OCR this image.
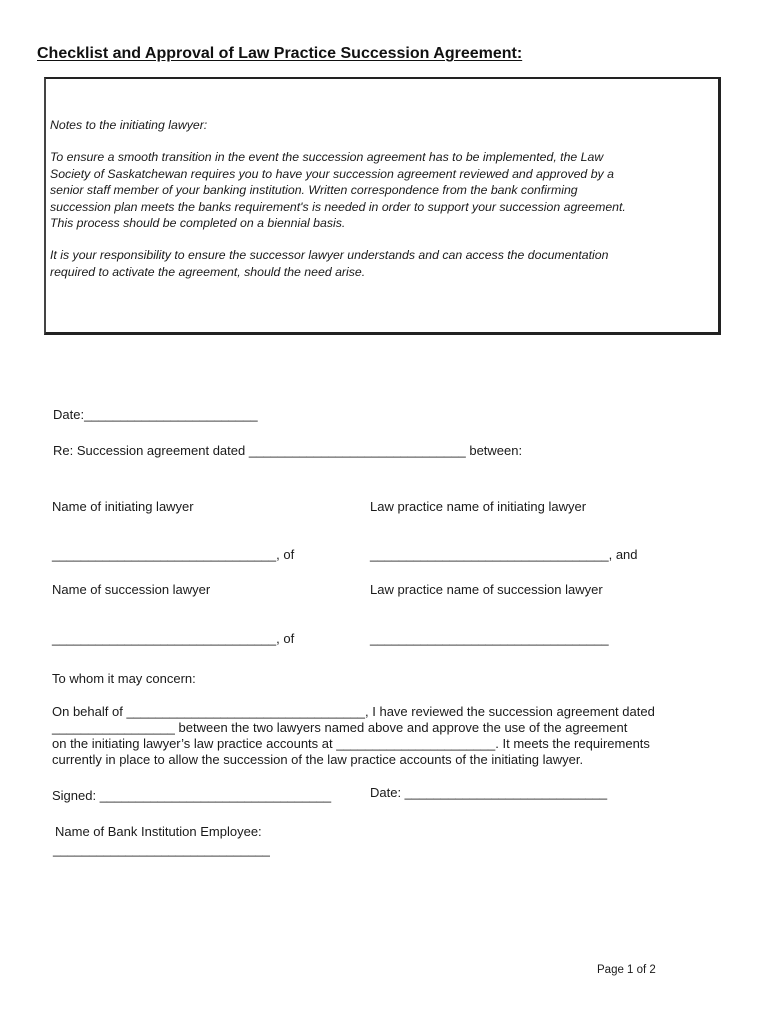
Checklist and Approval of Law Practice Succession Agreement:
Notes to the initiating lawyer:
To ensure a smooth transition in the event the succession agreement has to be implemented, the Law
Society of Saskatchewan requires you to have your succession agreement reviewed and approved by a
senior staff member of your banking institution. Written correspondence from the bank confirming
succession plan meets the banks requirement's is needed in order to support your succession agreement.
This process should be completed on a biennial basis.
It is your responsibility to ensure the successor lawyer understands and can access the documentation
required to activate the agreement, should the need arise.
Date:________________________
Re: Succession agreement dated ______________________________ between:
Name of initiating lawyer	Law practice name of initiating lawyer
_______________________________, of	_________________________________, and
Name of succession lawyer	Law practice name of succession lawyer
_______________________________, of	_________________________________
To whom it may concern:
On behalf of _________________________________, I have reviewed the succession agreement dated
_________________ between the two lawyers named above and approve the use of the agreement
on the initiating lawyer’s law practice accounts at ______________________. It meets the requirements
currently in place to allow the succession of the law practice accounts of the initiating lawyer.
Signed: ________________________________	Date: ____________________________
Name of Bank Institution Employee:
______________________________
Page 1 of 2
